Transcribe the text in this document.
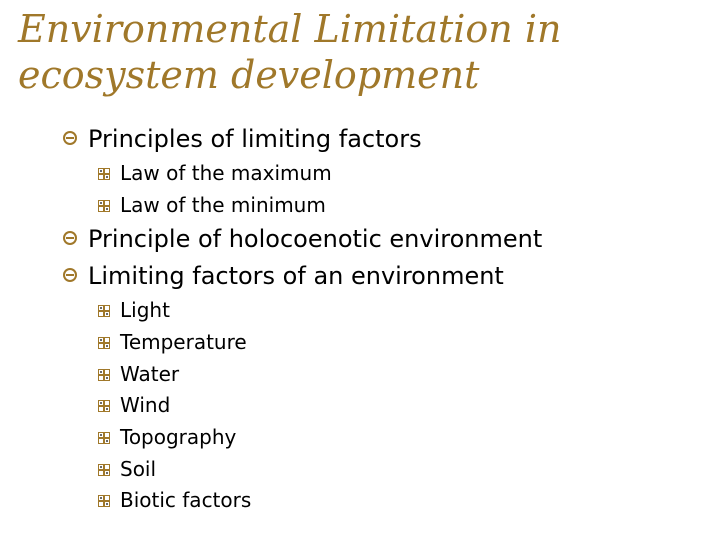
Environmental Limitation in
ecosystem development
Principles of limiting factors
Law of the maximum
Law of the minimum
Principle of holocoenotic environment
Limiting factors of an environment
Light
Temperature
Water
Wind
Topography
Soil
Biotic factors
